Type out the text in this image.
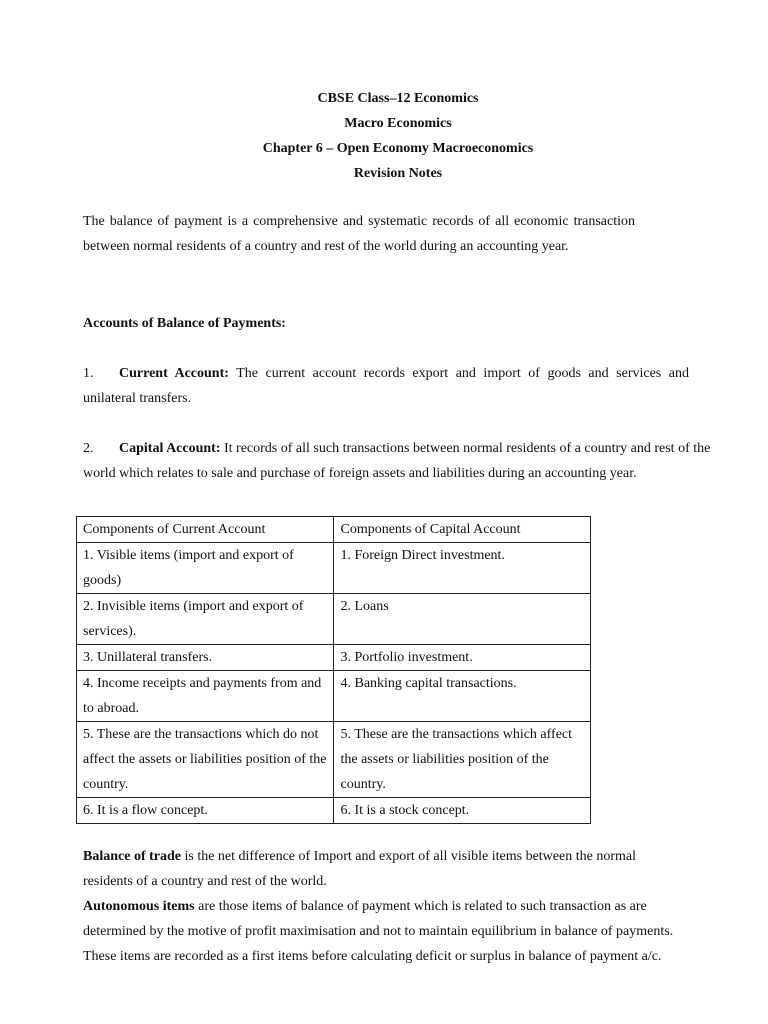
CBSE Class–12 Economics
Macro Economics
Chapter 6 – Open Economy Macroeconomics
Revision Notes

The balance of payment is a comprehensive and systematic records of all economic transaction between normal residents of a country and rest of the world during an accounting year.

Accounts of Balance of Payments:

1. Current Account: The current account records export and import of goods and services and unilateral transfers.

2. Capital Account: It records of all such transactions between normal residents of a country and rest of the world which relates to sale and purchase of foreign assets and liabilities during an accounting year.

Components of Current Account	Components of Capital Account
1. Visible items (import and export of goods)	1. Foreign Direct investment.
2. Invisible items (import and export of services).	2. Loans
3. Unillateral transfers.	3. Portfolio investment.
4. Income receipts and payments from and to abroad.	4. Banking capital transactions.
5. These are the transactions which do not affect the assets or liabilities position of the country.	5. These are the transactions which affect the assets or liabilities position of the country.
6. It is a flow concept.	6. It is a stock concept.

Balance of trade is the net difference of Import and export of all visible items between the normal residents of a country and rest of the world.

Autonomous items are those items of balance of payment which is related to such transaction as are determined by the motive of profit maximisation and not to maintain equilibrium in balance of payments. These items are recorded as a first items before calculating deficit or surplus in balance of payment a/c.
